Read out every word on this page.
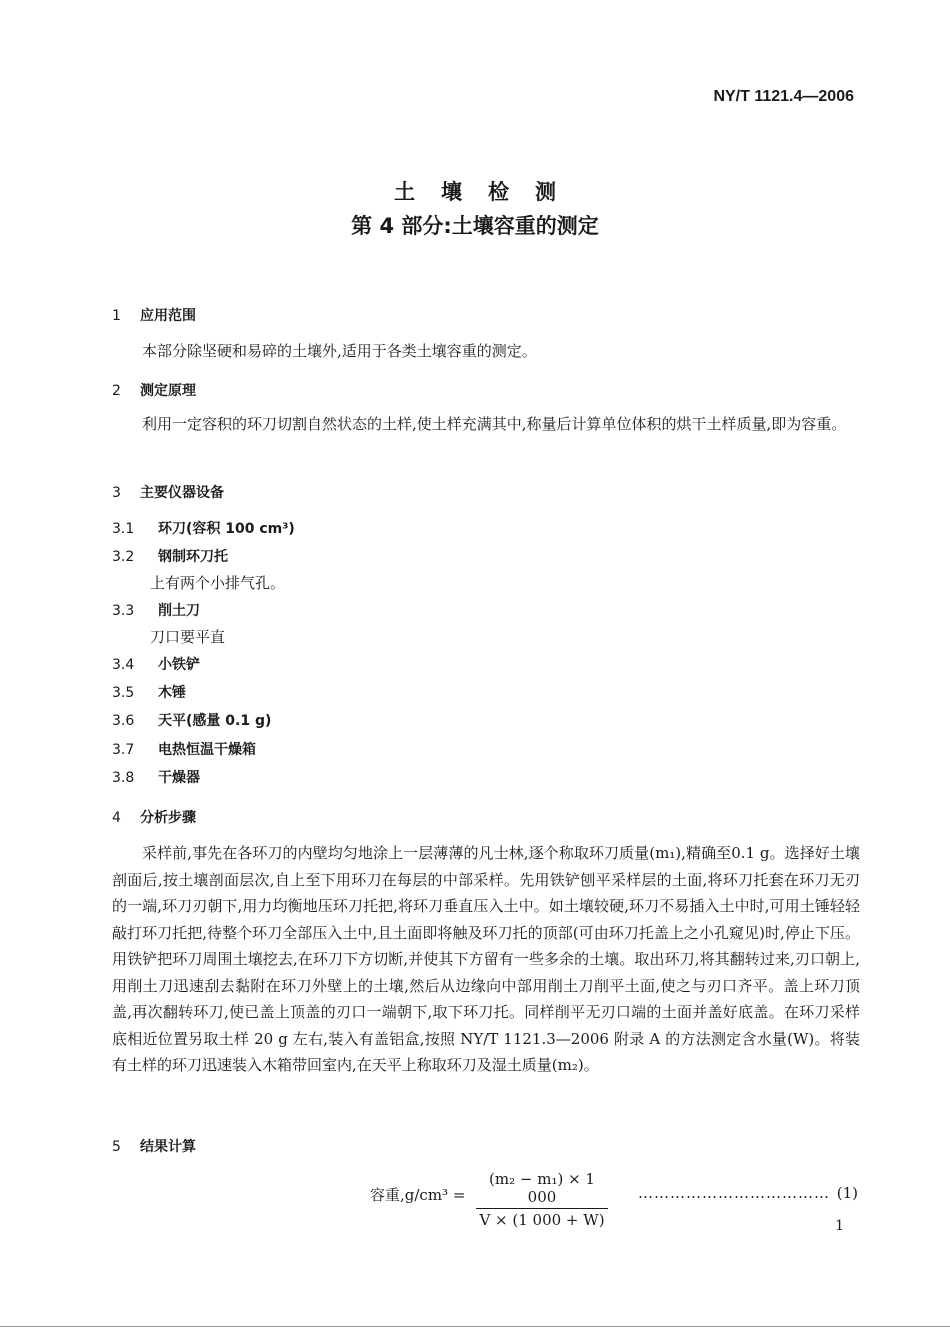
NY/T 1121.4—2006
土壤检测
第 4 部分:土壤容重的测定
1 应用范围
本部分除坚硬和易碎的土壤外,适用于各类土壤容重的测定。
2 测定原理
利用一定容积的环刀切割自然状态的土样,使土样充满其中,称量后计算单位体积的烘干土样质量,即为容重。
3 主要仪器设备
3.1 环刀(容积 100 cm³)
3.2 钢制环刀托
上有两个小排气孔。
3.3 削土刀
刀口要平直
3.4 小铁铲
3.5 木锤
3.6 天平(感量 0.1 g)
3.7 电热恒温干燥箱
3.8 干燥器
4 分析步骤
采样前,事先在各环刀的内壁均匀地涂上一层薄薄的凡士林,逐个称取环刀质量(m₁),精确至0.1 g。选择好土壤剖面后,按土壤剖面层次,自上至下用环刀在每层的中部采样。先用铁铲刨平采样层的土面,将环刀托套在环刀无刃的一端,环刀刃朝下,用力均衡地压环刀托把,将环刀垂直压入土中。如土壤较硬,环刀不易插入土中时,可用土锤轻轻敲打环刀托把,待整个环刀全部压入土中,且土面即将触及环刀托的顶部(可由环刀托盖上之小孔窥见)时,停止下压。用铁铲把环刀周围土壤挖去,在环刀下方切断,并使其下方留有一些多余的土壤。取出环刀,将其翻转过来,刃口朝上,用削土刀迅速刮去黏附在环刀外壁上的土壤,然后从边缘向中部用削土刀削平土面,使之与刃口齐平。盖上环刀顶盖,再次翻转环刀,使已盖上顶盖的刃口一端朝下,取下环刀托。同样削平无刃口端的土面并盖好底盖。在环刀采样底相近位置另取土样 20 g 左右,装入有盖铝盒,按照 NY/T 1121.3—2006 附录 A 的方法测定含水量(W)。将装有土样的环刀迅速装入木箱带回室内,在天平上称取环刀及湿土质量(m₂)。
5 结果计算
容重$,g/cm^3 = \frac{\text{(m₂ − m₁) × 1 000}}{V \times (1 000 + W)}$ ……………………………… (1)
1
